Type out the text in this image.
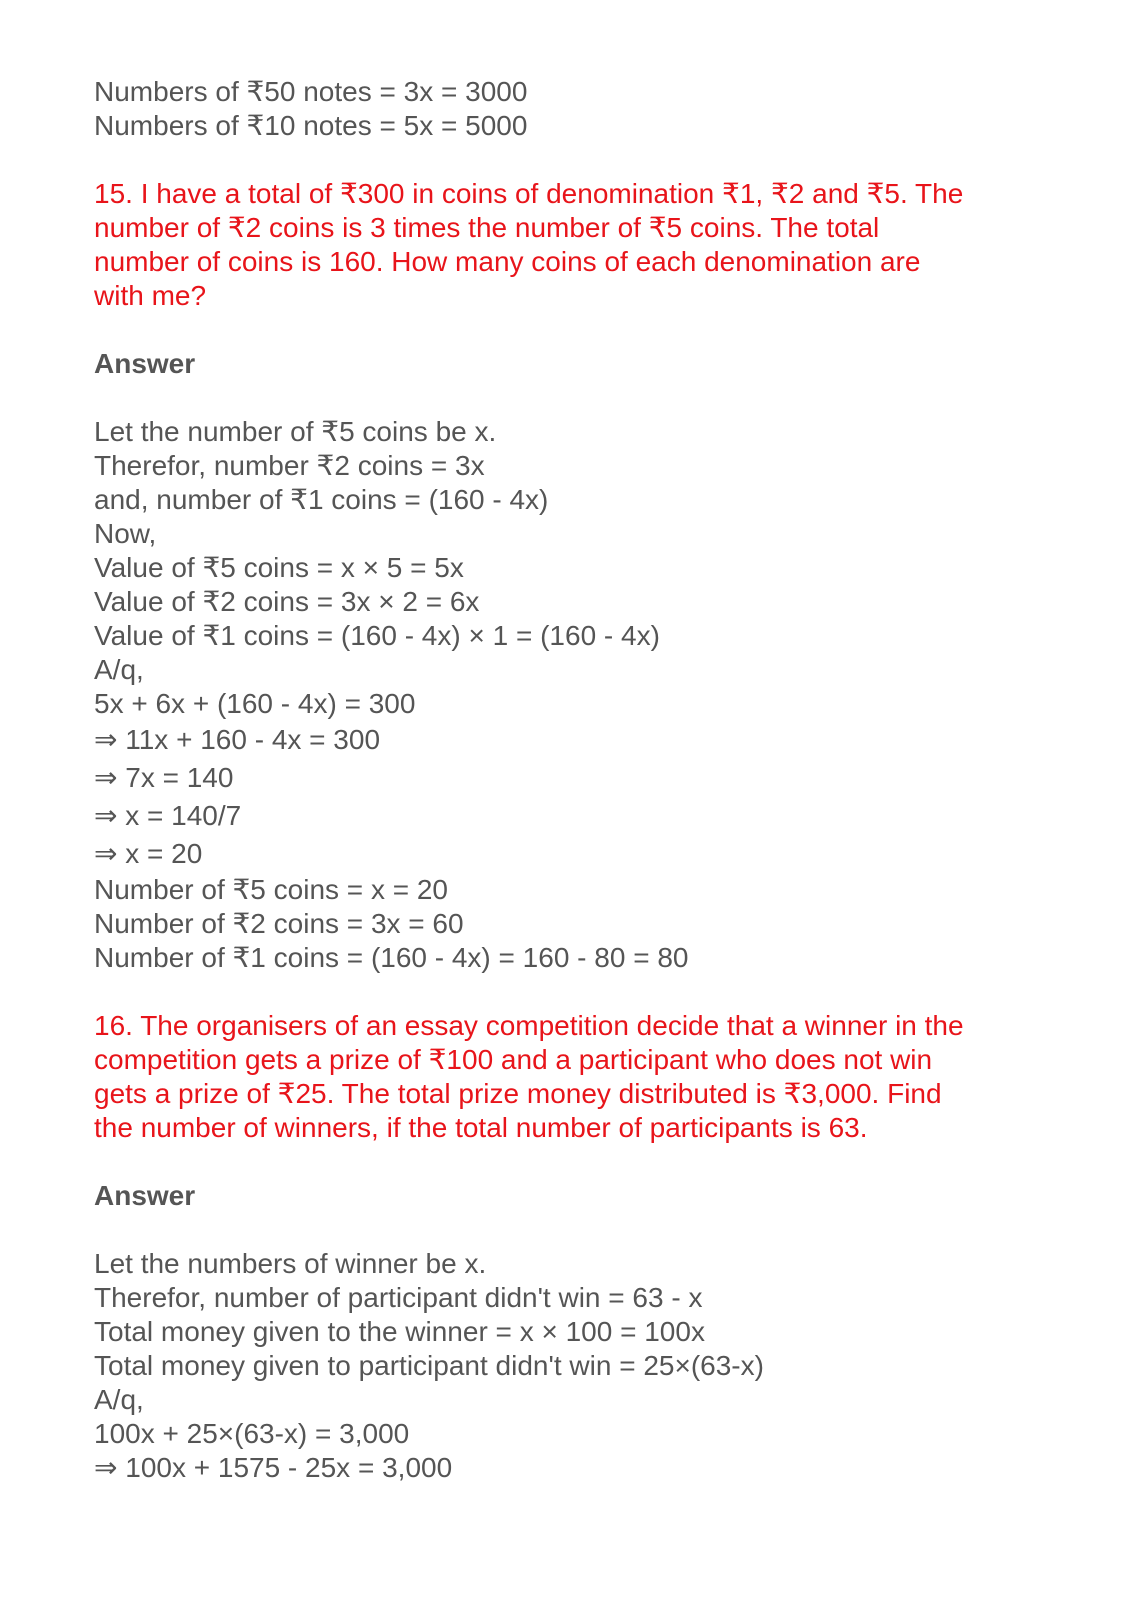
Numbers of ₹50 notes = 3x = 3000
Numbers of ₹10 notes = 5x = 5000
15. I have a total of ₹300 in coins of denomination ₹1, ₹2 and ₹5. The
number of ₹2 coins is 3 times the number of ₹5 coins. The total
number of coins is 160. How many coins of each denomination are
with me?
Answer
Let the number of ₹5 coins be x.
Therefor, number ₹2 coins = 3x
and, number of ₹1 coins = (160 - 4x)
Now,
Value of ₹5 coins = x × 5 = 5x
Value of ₹2 coins = 3x × 2 = 6x
Value of ₹1 coins = (160 - 4x) × 1 = (160 - 4x)
A/q,
5x + 6x + (160 - 4x) = 300
⇒ 11x + 160 - 4x = 300
⇒ 7x = 140
⇒ x = 140/7
⇒ x = 20
Number of ₹5 coins = x = 20
Number of ₹2 coins = 3x = 60
Number of ₹1 coins = (160 - 4x) = 160 - 80 = 80
16. The organisers of an essay competition decide that a winner in the
competition gets a prize of ₹100 and a participant who does not win
gets a prize of ₹25. The total prize money distributed is ₹3,000. Find
the number of winners, if the total number of participants is 63.
Answer
Let the numbers of winner be x.
Therefor, number of participant didn't win = 63 - x
Total money given to the winner = x × 100 = 100x
Total money given to participant didn't win = 25×(63-x)
A/q,
100x + 25×(63-x) = 3,000
⇒ 100x + 1575 - 25x = 3,000
